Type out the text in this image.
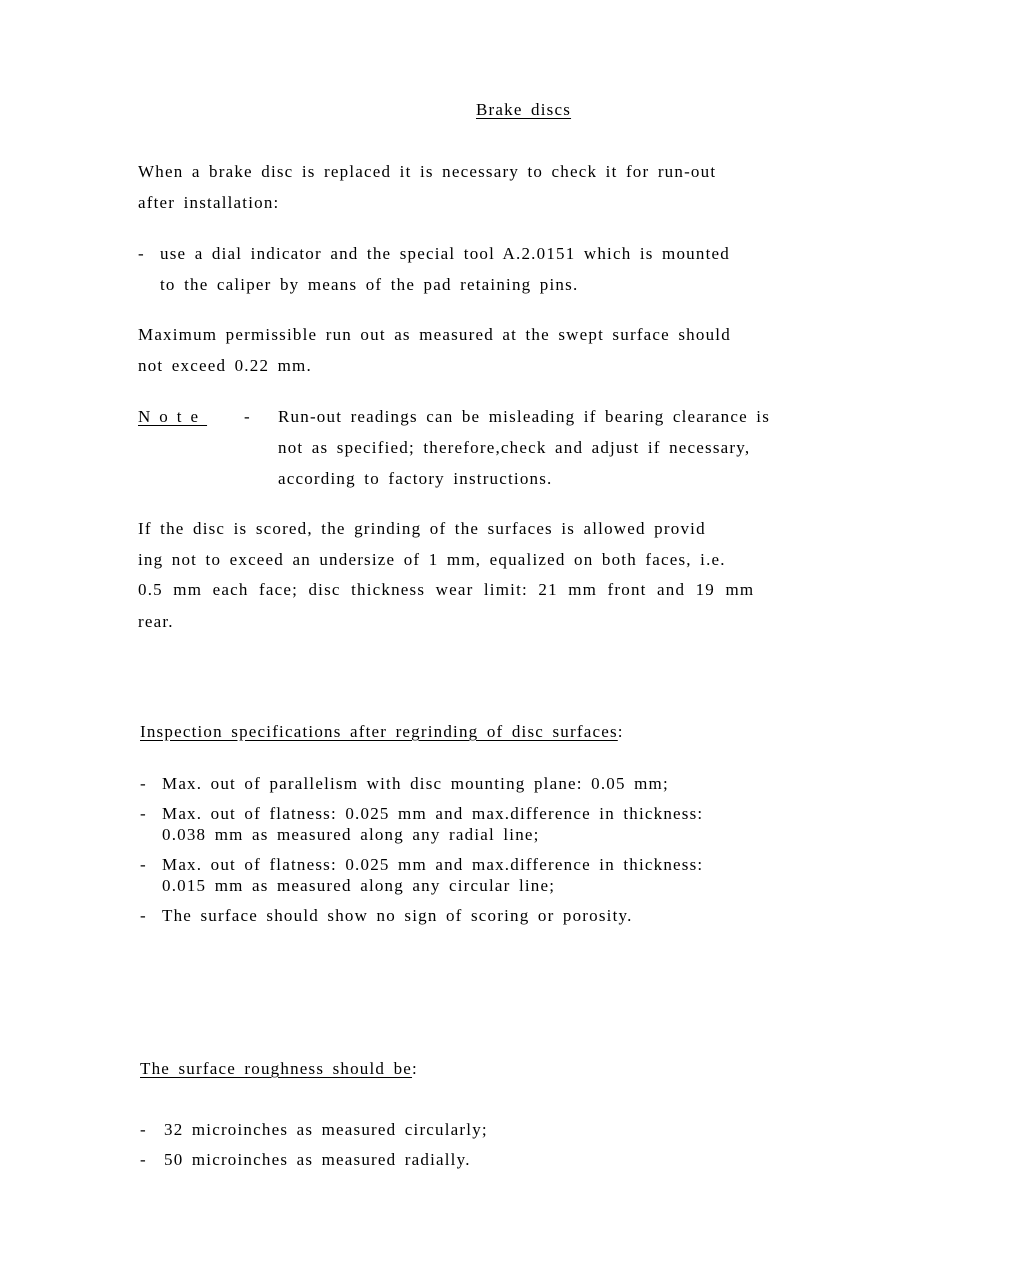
Brake discs
When a brake disc is replaced it is necessary to check it for run-out
after installation:
- use a dial indicator and the special tool A.2.0151 which is mounted
to the caliper by means of the pad retaining pins.
Maximum permissible run out as measured at the swept surface should
not exceed 0.22 mm.
Note - Run-out readings can be misleading if bearing clearance is
not as specified; therefore,check and adjust if necessary,
according to factory instructions.
If the disc is scored, the grinding of the surfaces is allowed provid
ing not to exceed an undersize of 1 mm, equalized on both faces, i.e.
0.5 mm each face; disc thickness wear limit: 21 mm front and 19 mm
rear.
Inspection specifications after regrinding of disc surfaces:
- Max. out of parallelism with disc mounting plane: 0.05 mm;
- Max. out of flatness: 0.025 mm and max.difference in thickness:
0.038 mm as measured along any radial line;
- Max. out of flatness: 0.025 mm and max.difference in thickness:
0.015 mm as measured along any circular line;
- The surface should show no sign of scoring or porosity.
The surface roughness should be:
- 32 microinches as measured circularly;
- 50 microinches as measured radially.
